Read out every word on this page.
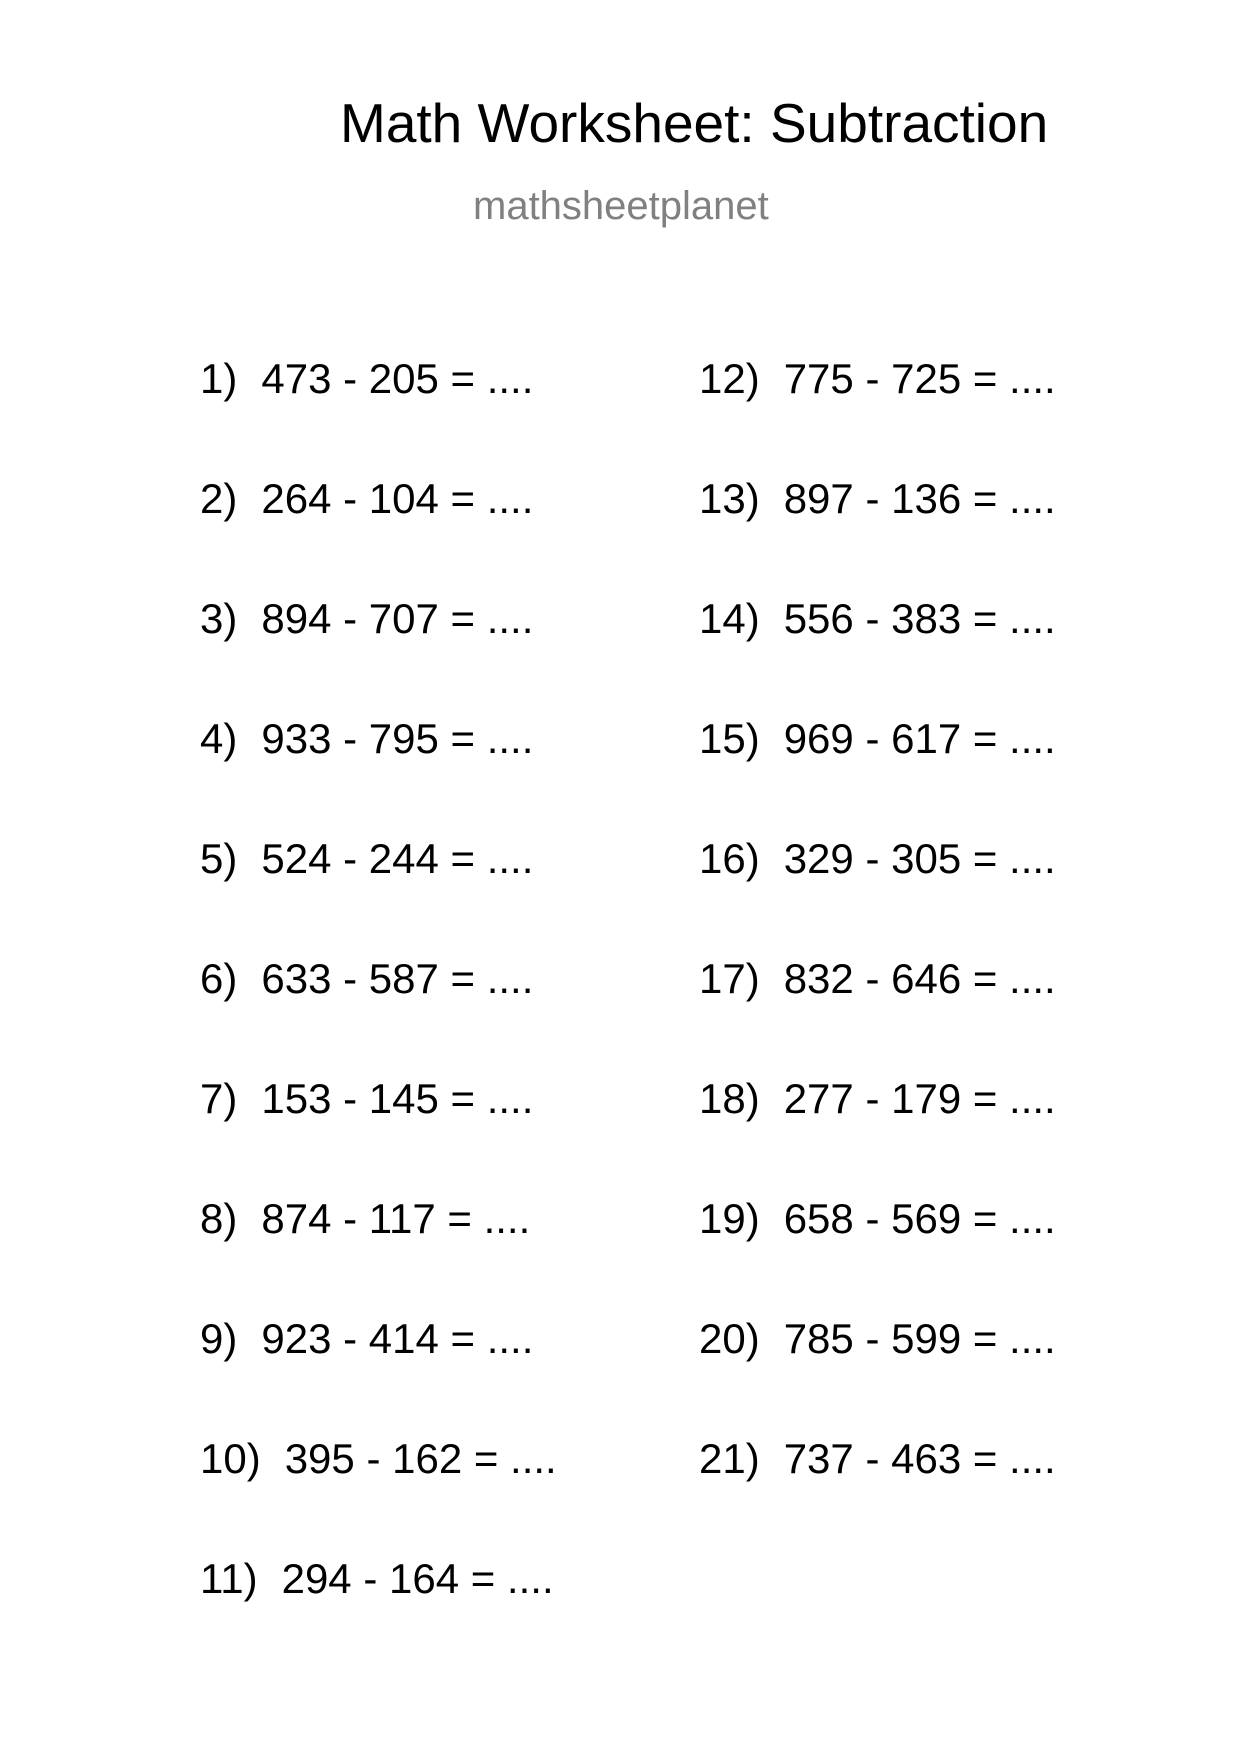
Math Worksheet: Subtraction
mathsheetplanet
1) 473 - 205 = ....
2) 264 - 104 = ....
3) 894 - 707 = ....
4) 933 - 795 = ....
5) 524 - 244 = ....
6) 633 - 587 = ....
7) 153 - 145 = ....
8) 874 - 117 = ....
9) 923 - 414 = ....
10) 395 - 162 = ....
11) 294 - 164 = ....
12) 775 - 725 = ....
13) 897 - 136 = ....
14) 556 - 383 = ....
15) 969 - 617 = ....
16) 329 - 305 = ....
17) 832 - 646 = ....
18) 277 - 179 = ....
19) 658 - 569 = ....
20) 785 - 599 = ....
21) 737 - 463 = ....
